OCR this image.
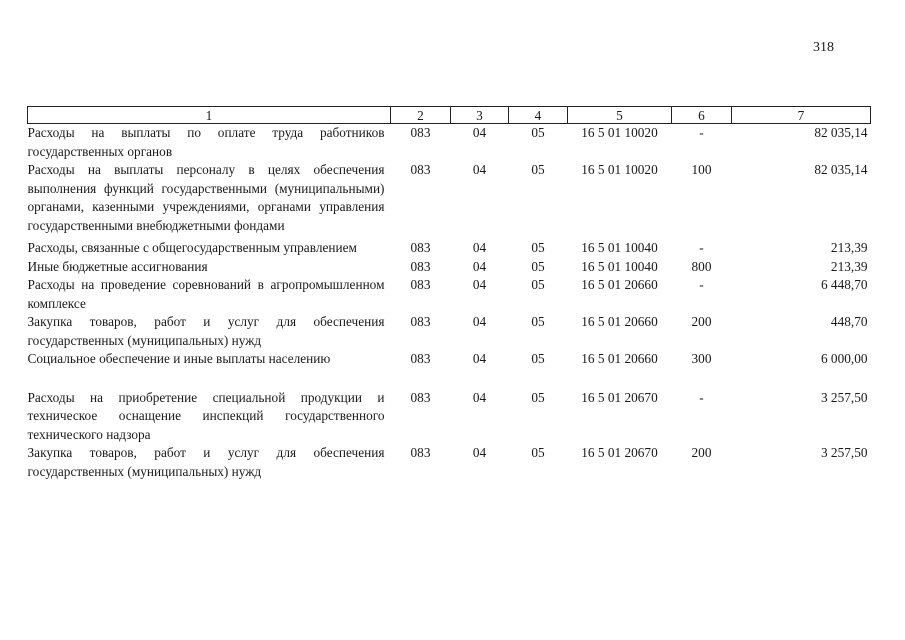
318
1	2	3	4	5	6	7
Расходы на выплаты по оплате труда работников государственных органов	083	04	05	16 5 01 10020	-	82 035,14
Расходы на выплаты персоналу в целях обеспечения выполнения функций государственными (муниципальными) органами, казенными учреждениями, органами управления государственными внебюджетными фондами	083	04	05	16 5 01 10020	100	82 035,14
Расходы, связанные с общегосударственным управлением	083	04	05	16 5 01 10040	-	213,39
Иные бюджетные ассигнования	083	04	05	16 5 01 10040	800	213,39
Расходы на проведение соревнований в агропромышленном комплексе	083	04	05	16 5 01 20660	-	6 448,70
Закупка товаров, работ и услуг для обеспечения государственных (муниципальных) нужд	083	04	05	16 5 01 20660	200	448,70
Социальное обеспечение и иные выплаты населению	083	04	05	16 5 01 20660	300	6 000,00
Расходы на приобретение специальной продукции и техническое оснащение инспекций государственного технического надзора	083	04	05	16 5 01 20670	-	3 257,50
Закупка товаров, работ и услуг для обеспечения государственных (муниципальных) нужд	083	04	05	16 5 01 20670	200	3 257,50
